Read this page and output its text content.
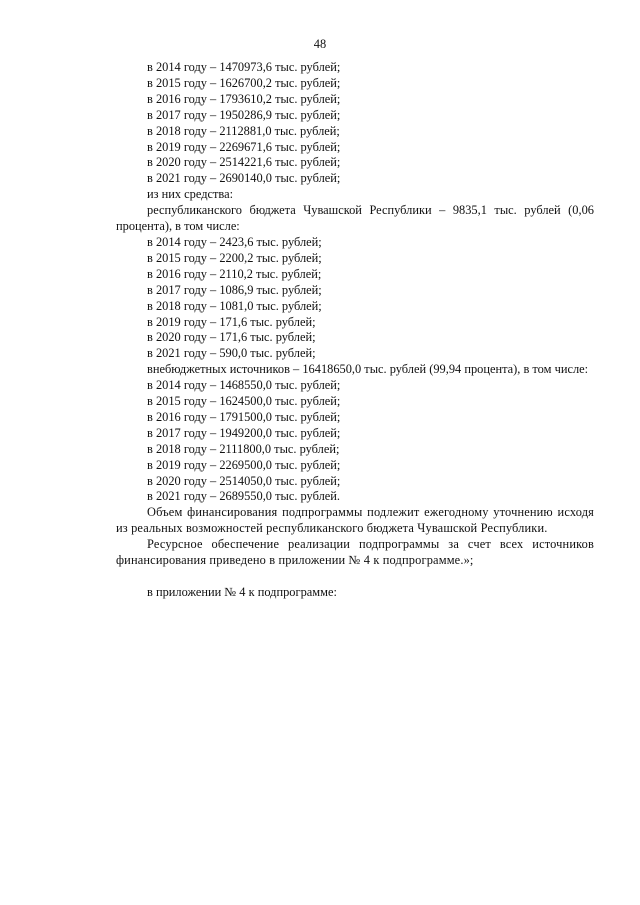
48
в 2014 году – 1470973,6 тыс. рублей;
в 2015 году – 1626700,2 тыс. рублей;
в 2016 году – 1793610,2 тыс. рублей;
в 2017 году – 1950286,9 тыс. рублей;
в 2018 году – 2112881,0 тыс. рублей;
в 2019 году – 2269671,6 тыс. рублей;
в 2020 году – 2514221,6 тыс. рублей;
в 2021 году – 2690140,0 тыс. рублей;
из них средства:
республиканского бюджета Чувашской Республики – 9835,1 тыс. рублей (0,06 процента), в том числе:
в 2014 году – 2423,6 тыс. рублей;
в 2015 году – 2200,2 тыс. рублей;
в 2016 году – 2110,2 тыс. рублей;
в 2017 году – 1086,9 тыс. рублей;
в 2018 году – 1081,0 тыс. рублей;
в 2019 году – 171,6 тыс. рублей;
в 2020 году – 171,6 тыс. рублей;
в 2021 году – 590,0 тыс. рублей;
внебюджетных источников – 16418650,0 тыс. рублей (99,94 процента), в том числе:
в 2014 году – 1468550,0 тыс. рублей;
в 2015 году – 1624500,0 тыс. рублей;
в 2016 году – 1791500,0 тыс. рублей;
в 2017 году – 1949200,0 тыс. рублей;
в 2018 году – 2111800,0 тыс. рублей;
в 2019 году – 2269500,0 тыс. рублей;
в 2020 году – 2514050,0 тыс. рублей;
в 2021 году – 2689550,0 тыс. рублей.
Объем финансирования подпрограммы подлежит ежегодному уточнению исходя из реальных возможностей республиканского бюджета Чувашской Республики.
Ресурсное обеспечение реализации подпрограммы за счет всех источников финансирования приведено в приложении № 4 к подпрограмме.»;
в приложении № 4 к подпрограмме:
